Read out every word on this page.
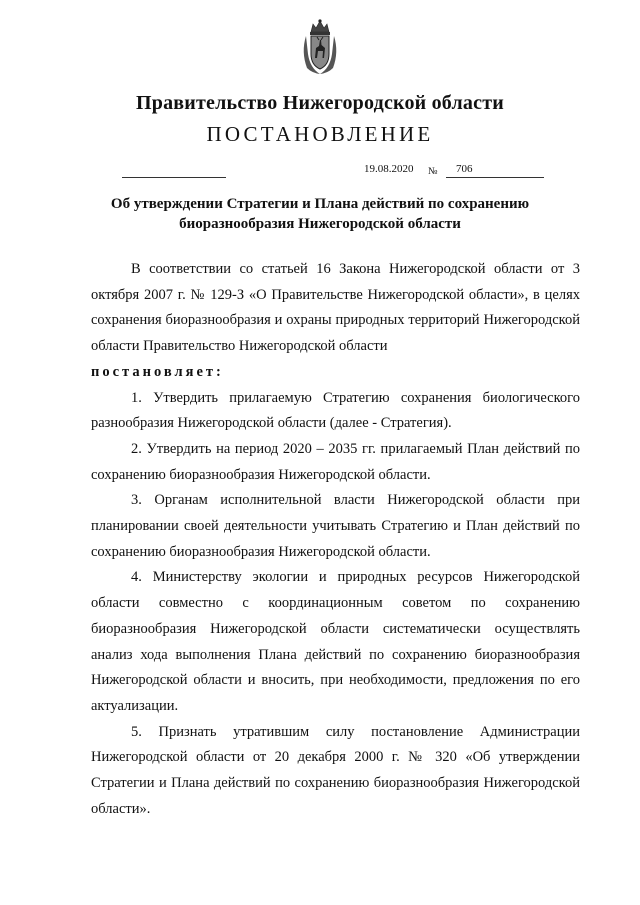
Правительство Нижегородской области
ПОСТАНОВЛЕНИЕ
19.08.2020 № 706
Об утверждении Стратегии и Плана действий по сохранению
биоразнообразия Нижегородской области

В соответствии со статьей 16 Закона Нижегородской области от 3 октября 2007 г. № 129-З «О Правительстве Нижегородской области», в целях сохранения биоразнообразия и охраны природных территорий Нижегородской области Правительство Нижегородской области

постановляет:

1. Утвердить прилагаемую Стратегию сохранения биологического разнообразия Нижегородской области (далее - Стратегия).

2. Утвердить на период 2020 – 2035 гг. прилагаемый План действий по сохранению биоразнообразия Нижегородской области.

3. Органам исполнительной власти Нижегородской области при планировании своей деятельности учитывать Стратегию и План действий по сохранению биоразнообразия Нижегородской области.

4. Министерству экологии и природных ресурсов Нижегородской области совместно с координационным советом по сохранению биоразнообразия Нижегородской области систематически осуществлять анализ хода выполнения Плана действий по сохранению биоразнообразия Нижегородской области и вносить, при необходимости, предложения по его актуализации.

5. Признать утратившим силу постановление Администрации Нижегородской области от 20 декабря 2000 г. № 320 «Об утверждении Стратегии и Плана действий по сохранению биоразнообразия Нижегородской области».
